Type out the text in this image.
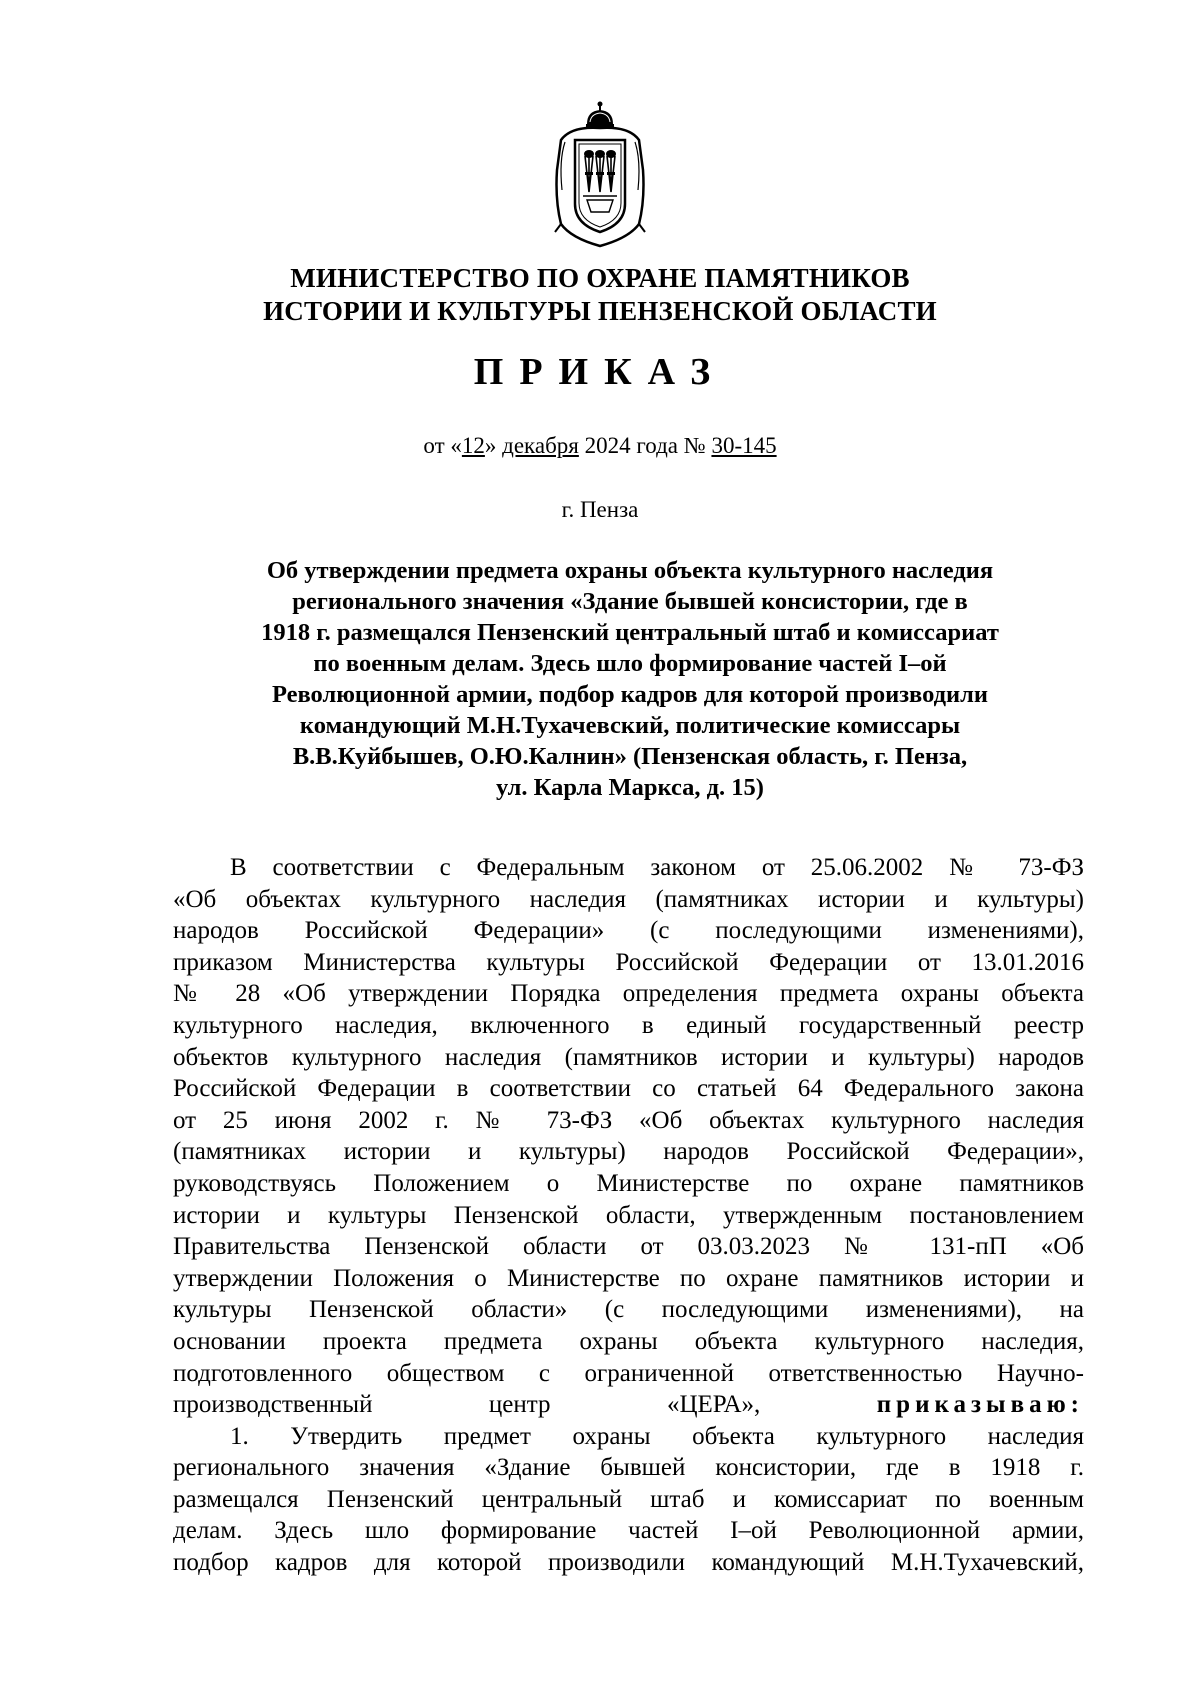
МИНИСТЕРСТВО ПО ОХРАНЕ ПАМЯТНИКОВ
ИСТОРИИ И КУЛЬТУРЫ ПЕНЗЕНСКОЙ ОБЛАСТИ
ПРИКАЗ
от «12» декабря 2024 года № 30-145
г. Пенза
Об утверждении предмета охраны объекта культурного наследия
регионального значения «Здание бывшей консистории, где в
1918 г. размещался Пензенский центральный штаб и комиссариат
по военным делам. Здесь шло формирование частей I–ой
Революционной армии, подбор кадров для которой производили
командующий М.Н.Тухачевский, политические комиссары
В.В.Куйбышев, О.Ю.Калнин» (Пензенская область, г. Пенза,
ул. Карла Маркса, д. 15)
В соответствии с Федеральным законом от 25.06.2002 № 73-ФЗ
«Об объектах культурного наследия (памятниках истории и культуры)
народов Российской Федерации» (с последующими изменениями),
приказом Министерства культуры Российской Федерации от 13.01.2016
№ 28 «Об утверждении Порядка определения предмета охраны объекта
культурного наследия, включенного в единый государственный реестр
объектов культурного наследия (памятников истории и культуры) народов
Российской Федерации в соответствии со статьей 64 Федерального закона
от 25 июня 2002 г. № 73-ФЗ «Об объектах культурного наследия
(памятниках истории и культуры) народов Российской Федерации»,
руководствуясь Положением о Министерстве по охране памятников
истории и культуры Пензенской области, утвержденным постановлением
Правительства Пензенской области от 03.03.2023 № 131-пП «Об
утверждении Положения о Министерстве по охране памятников истории и
культуры Пензенской области» (с последующими изменениями), на
основании проекта предмета охраны объекта культурного наследия,
подготовленного обществом с ограниченной ответственностью Научно-
производственный центр «ЦЕРА»,	приказываю:
1. Утвердить предмет охраны объекта культурного наследия
регионального значения «Здание бывшей консистории, где в 1918 г.
размещался Пензенский центральный штаб и комиссариат по военным
делам. Здесь шло формирование частей I–ой Революционной армии,
подбор кадров для которой производили командующий М.Н.Тухачевский,
